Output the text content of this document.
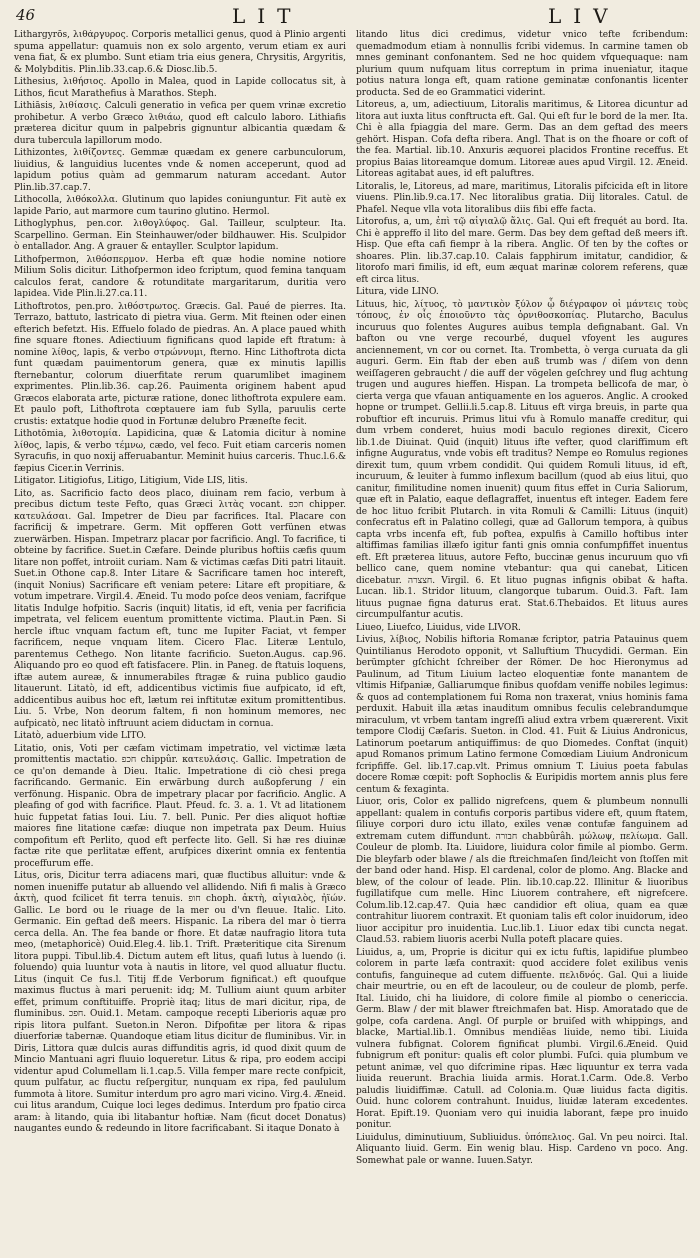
46	LIT	LIV

Lithargyrōs, λιθάργυρος. Corporis metallici genus, quod à Plinio argenti spuma appellatur: quamuis non ex solo argento, verum etiam ex auri vena fiat, & ex plumbo. Sunt etiam tria eius genera, Chrysitis, Argyritis, & Molybditis. Plin.lib.33.cap.6.& Diosc.lib.5.

Lithesius, λιθήσιος. Apollo in Malea, quod in Lapide collocatus sit, à Lithos, ficut Marathefius à Marathos. Steph.

Lithiāsis, λιθίασις. Calculi generatio in vefica per quem vrinæ excretio prohibetur. A verbo Græco λιθιάω, quod eft calculo laboro. Lithiafis præterea dicitur quum in palpebris gignuntur albicantia quædam & dura tubercula lapillorum modo.

Lithizontes, λιθίζοντες. Gemmæ quædam ex genere carbunculorum, liuidius, & languidius lucentes vnde & nomen acceperunt, quod ad lapidum potius quàm ad gemmarum naturam accedant. Autor Plin.lib.37.cap.7.

Lithocolla, λιθόκολλα. Glutinum quo lapides coniunguntur. Fit autè ex lapide Pario, aut marmore cum taurino glutino. Hermol.

Lithoglyphus, pen.cor. λιθογλύφος. Gal. Tailleur, sculpteur. Ita. Scarpellino. German. Ein Steinhauwer/oder bildhauwer. His. Sculpidor ò entallador. Ang. A grauer & entayller. Sculptor lapidum.

Lithofpermon, λιθόσπερμον. Herba eft quæ hodie nomine notiore Milium Solis dicitur. Lithofpermon ideo fcriptum, quod femina tanquam calculos ferat, candore & rotunditate margaritarum, duritia vero lapidea. Vide Plin.li.27.ca.11.

Lithoftrotos, pen.pro. λιθόστρωτος. Græcis. Gal. Paué de pierres. Ita. Terrazo, battuto, lastricato di pietra viua. Germ. Mit fteinen oder einen efterich befetzt. His. Effuelo folado de piedras. An. A place paued whith fine square ftones. Adiectiuum fignificans quod lapide eft ftratum: à nomine λίθος, lapis, & verbo στρώννυμι, fterno. Hinc Lithoftrota dicta funt quædam pauimentorum genera, quæ ex minutis lapillis fternebantur, colorum diuerfitate rerum quarumlibet imaginem exprimentes. Plin.lib.36. cap.26. Pauimenta originem habent apud Græcos elaborata arte, picturæ ratione, donec lithoftrota expulere eam. Et paulo poft, Lithoftrota cœptauere iam fub Sylla, paruulis certe crustis: extatque hodie quod in Fortunæ delubro Præneſte fecit.

Lithotōmia, λιθοτομία. Lapidicina, quæ & Latomia dicitur à nomine λίθος, lapis, & verbo τέμνω, cædo, vel feco. Fuit etiam carceris nomen Syracufis, in quo noxij afferuabantur. Meminit huius carceris. Thuc.l.6.& fæpius Cicer.in Verrinis.

Litigator. Litigiofus, Litigo, Litigium, Vide LIS, litis.

Lito, as. Sacrificio facto deos placo, diuinam rem facio, verbum à precibus dictum teste Fefto, quas Græci λιτὰς vocant. חכפ chipper. κατευλάσαι. Gal. Impetrer de Dieu par facrifices. Ital. Placare con facrificij & impetrare. Germ. Mit opfferen Gott verfünen etwas zuerwärben. Hispan. Impetrarz placar por facrificio. Angl. To facrifice, ti obteine by facrifice. Suet.in Cæfare. Deinde pluribus hoftiis cæfis quum litare non poffet, introiit curiam. Nam & victimas cæfas Diti patri litauit. Suet.in Othone cap.8. Inter Litare & Sacrificare tamen hoc intereft, (inquit Nonius) Sacrificare eft veniam petere: Litare eft propitiare, & votum impetrare. Virgil.4. Æneid. Tu modo poſce deos veniam, facrifque litatis Indulge hofpitio. Sacris (inquit) litatis, id eft, venia per facrificia impetrata, vel felicem euentum promittente victima. Plaut.in Pæn. Si hercle iftuc vnquam factum eft, tunc me Iupiter Faciat, vt femper facrificem, neque vnquam litem. Cicero Flac. Literæ Lentulo, parentemus Cethego. Non litante facrificio. Sueton.Augus. cap.96. Aliquando pro eo quod eft fatisfacere. Plin. in Paneg. de ftatuis loquens, iftæ autem aureæ, & innumerabiles ftragæ & ruina publico gaudio litauerunt. Litatò, id eft, addicentibus victimis fiue aufpicato, id eft, addicentibus auibus hoc eft, lætum rei inftitutæ exitum promittentibus. Liu. 5. Vrbe, Non deorum faltem, fi non hominum memores, nec aufpicatò, nec litatò inftruunt aciem diductam in cornua.

Litatò, aduerbium vide LITO.

Litatio, onis, Voti per cæfam victimam impetratio, vel victimæ læta promittentis mactatio. חכפ chippûr. κατευλάσις. Gallic. Impetration de ce qu'on demande à Dieu. Italic. Impetratione di ciò chesi prega facrificando. Germanic. Ein erwärbung durch außopferung / ein verfönung. Hispanic. Obra de impetrary placar por facrificio. Anglic. A pleafing of god with facrifice. Plaut. Pfeud. fc. 3. a. 1. Vt ad litationem huic fuppetat fatias Ioui. Liu. 7. bell. Punic. Per dies aliquot hoftiæ maiores fine litatione cæfæ: diuque non impetrata pax Deum. Huius compofitum eft Perlito, quod eft perfecte lito. Gell. Si hæ res diuinæ factæ rite que perlitatæ effent, arufpices dixerint omnia ex fententia proceffurum effe.

Litus, oris, Dicitur terra adiacens mari, quæ fluctibus alluitur: vnde & nomen inueniffe putatur ab alluendo vel allidendo. Nifi fi malis à Græco ἀκτὴ, quod fcilicet fit terra tenuis. חופ choph. ἀκτὴ, αἰγιαλὸς, ἠϊών. Gallic. Le bord ou le riuage de la mer ou d'vn fleuue. Italic. Lito. Germanic. Ein geftad deß meers. Hispanic. La ribera del mar ò tierra cerca della. An. The fea bande or fhore. Et datæ naufragio litora tuta meo, (metaphoricè) Ouid.Eleg.4. lib.1. Trift. Præteritique cita Sirenum litora puppi. Tibul.lib.4. Dictum autem eft litus, quafi lutus à luendo (i. foluendo) quia luuntur vota à nautis in litore, vel quod alluatur fluctu. Litus (inquit Ce fus.l. Titij ff.de Verborum fignificat.) eft quoufque maximus fluctus à mari peruenit: idq; M. Tullium aiunt quum arbiter effet, primum conftituiffe. Propriè itaq; litus de mari dicitur, ripa, de fluminibus. חפכ. Ouid.1. Metam. campoque recepti Liberioris aquæ pro ripis litora pulfant. Sueton.in Neron. Difpofitæ per litora & ripas diuerforiæ tabernæ. Quandoque etiam litus dicitur de fluminibus. Vir. in Diris, Littora quæ dulcis auras diffunditis agris, id quod dixit quum de Mincio Mantuani agri fluuio loqueretur. Litus & ripa, pro eodem accipi videntur apud Columellam li.1.cap.5. Villa femper mare recte confpicit, quum pulfatur, ac fluctu reſpergitur, nunquam ex ripa, fed paululum fummota à litore. Sumitur interdum pro agro mari vicino. Virg.4. Æneid. cui litus arandum, Cuique loci leges dedimus. Interdum pro fpatio circa aram: à litando, quia ibi litabantur hoftiæ. Nam (ficut docet Donatus) naugantes eundo & redeundo in litore facrificabant. Si itaque Donato à

litando litus dici credimus, videtur vnico tefte fcribendum: quemadmodum etiam à nonnullis fcribi videmus. In carmine tamen ob mnes geminant confonantem. Sed ne hoc quidem vfquequaque: nam plurium quum nufquam litus correptum in prima inueniatur, itaque potius natura longa eft, quam ratione geminatæ confonantis licenter producta. Sed de eo Grammatici viderint.

Litoreus, a, um, adiectiuum, Litoralis maritimus, & Litorea dicuntur ad litora aut iuxta litus conftructa eft. Gal. Qui eſt fur le bord de la mer. Ita. Chi è alla fpiaggia del mare. Germ. Das an dem geftad des meers gehört. Hispan. Cofa defta ribera. Angl. That is on the fhoare or coft of the fea. Martial. lib.10. Anxuris æquorei placidos Frontine receffus. Et propius Baias litoreamque domum. Litoreæ aues apud Virgil. 12. Æneid. Litoreas agitabat aues, id eft paluftres.

Litoralis, le, Litoreus, ad mare, maritimus, Litoralis pifcicida eſt in litore viuens. Plin.lib.9.ca.17. Nec litoralibus gratia. Diij litorales. Catul. de Phafel. Neque vlla vota litoralibus diis fibi effe facta.

Litorofus, a, um, ἐπὶ τῷ αἰγιαλῷ ἅλις. Gal. Qui eft frequét au bord. Ita. Chi è appreffo il lito del mare. Germ. Das bey dem geftad deß meers ift. Hisp. Que efta cafi fiempr à la ribera. Anglic. Of ten by the coftes or shoares. Plin. lib.37.cap.10. Calais fapphirum imitatur, candidior, & litorofo mari fimilis, id eft, eum æquat marinæ colorem referens, quæ eft circa litus.

Litura, vide LINO.

Lituus, hic, λίτυος, τὸ μαντικὸν ξύλον ᾧ διέγραφον οἱ μάντεις τοὺς τόπους, ἐν οἷς ἐποιοῦντο τὰς ὀρνιθοσκοπίας. Plutarcho, Baculus incuruus quo folentes Augures auibus templa defignabant. Gal. Vn bafton ou vne verge recourbé, duquel vfoyent les augures anciennement, vn cor ou cornet. Ita. Trombetta, ò verga curuata da gli auguri. Germ. Ein ftab der eben auß trumb was / diſem von denn weiſſageren gebraucht / die auff der vögelen geſchrey und flug achtung trugen und augures hieffen. Hispan. La trompeta bellicofa de mar, ò cierta verga que vfauan antiquamente en los agueros. Anglic. A crooked hopne or trumpet. Gellii.li.5.cap.8. Lituus eft virga breuis, in parte qua robuftior eft incuruis. Primus litui vfu à Romulo manaffe creditur, qui dum vrbem conderet, huius modi baculo regiones direxit, Cicero lib.1.de Diuinat. Quid (inquit) lituus ifte vefter, quod clariffimum eft infigne Auguratus, vnde vobis eft traditus? Nempe eo Romulus regiones direxit tum, quum vrbem condidit. Qui quidem Romuli lituus, id eft, incuruum, & leuiter à fummo inflexum bacillum (quod ab eius litui, quo canitur, fimilitudine nomen inuenit) quum fitus effet in Curia Saliorum, quæ eft in Palatio, eaque deflagraffet, inuentus eft integer. Eadem fere de hoc lituo fcribit Plutarch. in vita Romuli & Camilli: Lituus (inquit) confecratus eft in Palatino collegi, quæ ad Gallorum tempora, à quibus capta vrbs incenfa eft, fub poftea, expulfis à Camillo hoftibus inter altiffimas familias illæfo igitur fanti gnis omnia confumpfiffet inuentus eft. Eft præterea lituus, autore Fefto, buccinæ genus incuruum quo vfi bellico cane, quem nomine vtebantur: qua qui canebat, Liticen dicebatur. חצצרה. Virgil. 6. Et lituo pugnas infignis obibat & hafta. Lucan. lib.1. Stridor lituum, clangorque tubarum. Ouid.3. Faft. Iam lituus pugnae figna daturus erat. Stat.6.Thebaidos. Et lituus aures circumpulfantur acutis.

Liueo, Liuefco, Liuidus, vide LIVOR.

Livius, λίβιος, Nobilis hiftoria Romanæ fcriptor, patria Patauinus quem Quintilianus Herodoto opponit, vt Salluftium Thucydidi. German. Ein berümpter gſchicht ſchreiber der Römer. De hoc Hieronymus ad Paulinum, ad Titum Liuium lacteo eloquentiæ fonte manantem de vltimis Hifpaniæ, Galliarumque finibus quofdam veniffe nobiles legimus: & quos ad contemplationem fui Roma non traxerat, vnius hominis fama perduxit. Habuit illa ætas inauditum omnibus feculis celebrandumque miraculum, vt vrbem tantam ingreſſi aliud extra vrbem quærerent. Vixit tempore Clodij Cæſaris. Sueton. in Clod. 41. Fuit & Liuius Andronicus, Latinorum poetarum antiquiffimus: de quo Diomedes. Conftat (inquit) apud Romanos primum Latino fermone Comœdiam Liuium Andronicum fcripfiffe. Gel. lib.17.cap.vlt. Primus omnium T. Liuius poeta fabulas docere Romæ cœpit: poft Sophoclis & Euripidis mortem annis plus fere centum & fexaginta.

Liuor, oris, Color ex pallido nigrefcens, quem & plumbeum nonnulli appellant: qualem in contufis corporis partibus videre eft, quum ftatem, ſiliuye corpori duro ictu illato, exiles venæ contufæ fanguinem ad extremam cutem diffundunt. חבורה chabbûrâh. μώλωψ, πελίωμα. Gall. Couleur de plomb. Ita. Liuidore, liuidura color fimile al piombo. Germ. Die bleyfarb oder blawe / als die ftreichmaſen ſind/leicht von ſtoſſen mit der band oder hand. Hisp. El cardenal, color de plomo. Ang. Blacke and blew, of the colour of leade. Plin. lib.10.cap.22. Illinitur & liuoribus fugillatifque cum melle. Hinc Liuorem contrahere, eft nigrefcere. Colum.lib.12.cap.47. Quia hæc candidior eft oliua, quam ea quæ contrahitur liuorem contraxit. Et quoniam talis eft color inuidorum, ideo liuor accipitur pro inuidentia. Luc.lib.1. Liuor edax tibi cuncta negat. Claud.53. rabiem liuoris acerbi Nulla poteft placare quies.

Liuidus, a, um, Proprie is dicitur qui ex ictu fuftis, lapidifue plumbeo colorem in parte læfa contraxit: quod accidere folet exilibus venis contufis, fanguineque ad cutem diffuente. πελιδνός. Gal. Qui a liuide chair meurtrie, ou en eft de lacouleur, ou de couleur de plomb, perfe. Ital. Liuido, chi ha liuidore, di colore fimile al piombo o cenericcia. Germ. Blaw / der mit blawer ftreichmafen bat. Hisp. Amoratado que de golpe, cofa cardena. Angl. Of purple or bruiſed with whippings, and blacke, Martial.lib.1. Omnibus mendiĕas liuide, nemo tibi. Liuida vulnera fubfignat. Colorem fignificat plumbi. Virgil.6.Æneid. Quid fubnigrum eft ponitur: qualis eft color plumbi. Fuſci. quia plumbum ve petunt animæ, vel quo difcrimine ripas. Hæc liquuntur ex terra vada liuida reuerunt. Brachia liuida armis. Horat.1.Carm. Ode.8. Verbo paludis liuidiffimæ. Catull. ad Colonia.m. Quæ liuidus facta digitis. Ouid. hunc colorem contrahunt. Inuidus, liuidæ lateram excedentes. Horat. Epift.19. Quoniam vero qui inuidia laborant, fæpe pro inuido ponitur.

Liuidulus, diminutiuum, Subliuidus. ὑπόπελιος. Gal. Vn peu noirci. Ital. Aliquanto liuid. Germ. Ein wenig blau. Hisp. Cardeno vn poco. Ang. Somewhat pale or wanne. Iuuen.Satyr.
